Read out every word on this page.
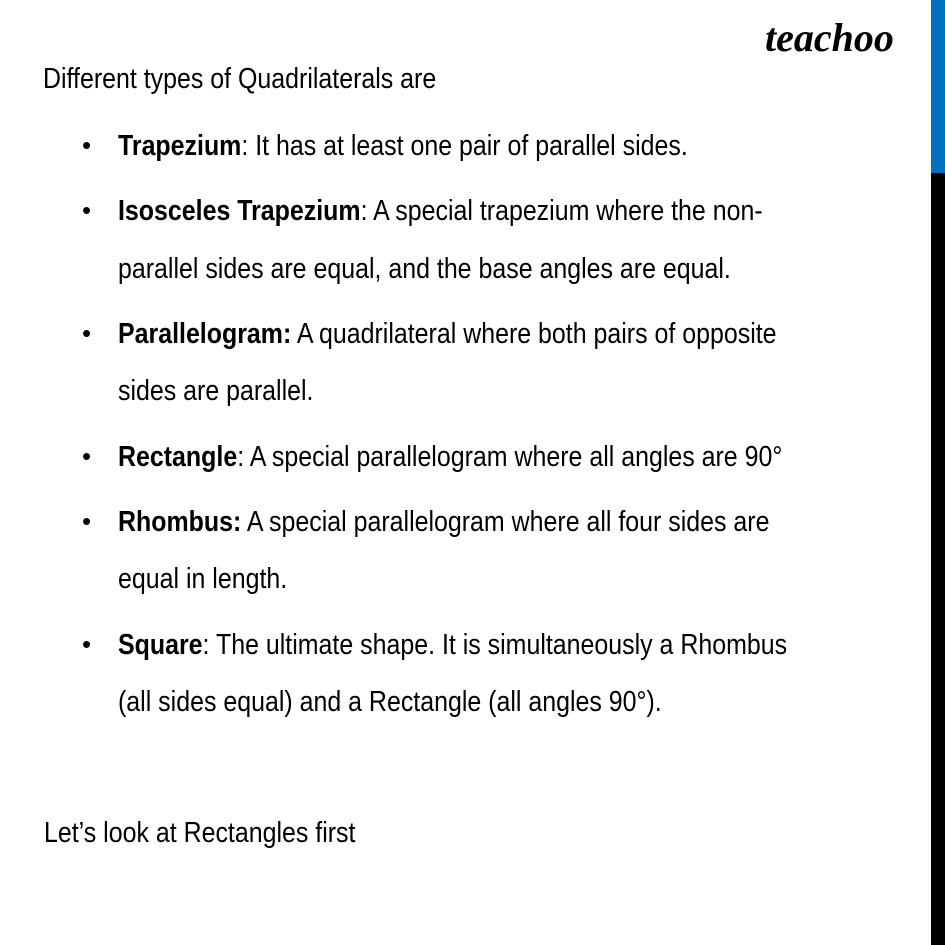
teachoo
Different types of Quadrilaterals are
• Trapezium: It has at least one pair of parallel sides.
• Isosceles Trapezium: A special trapezium where the non-
parallel sides are equal, and the base angles are equal.
• Parallelogram: A quadrilateral where both pairs of opposite
sides are parallel.
• Rectangle: A special parallelogram where all angles are 90°
• Rhombus: A special parallelogram where all four sides are
equal in length.
• Square: The ultimate shape. It is simultaneously a Rhombus
(all sides equal) and a Rectangle (all angles 90°).
Let’s look at Rectangles first
